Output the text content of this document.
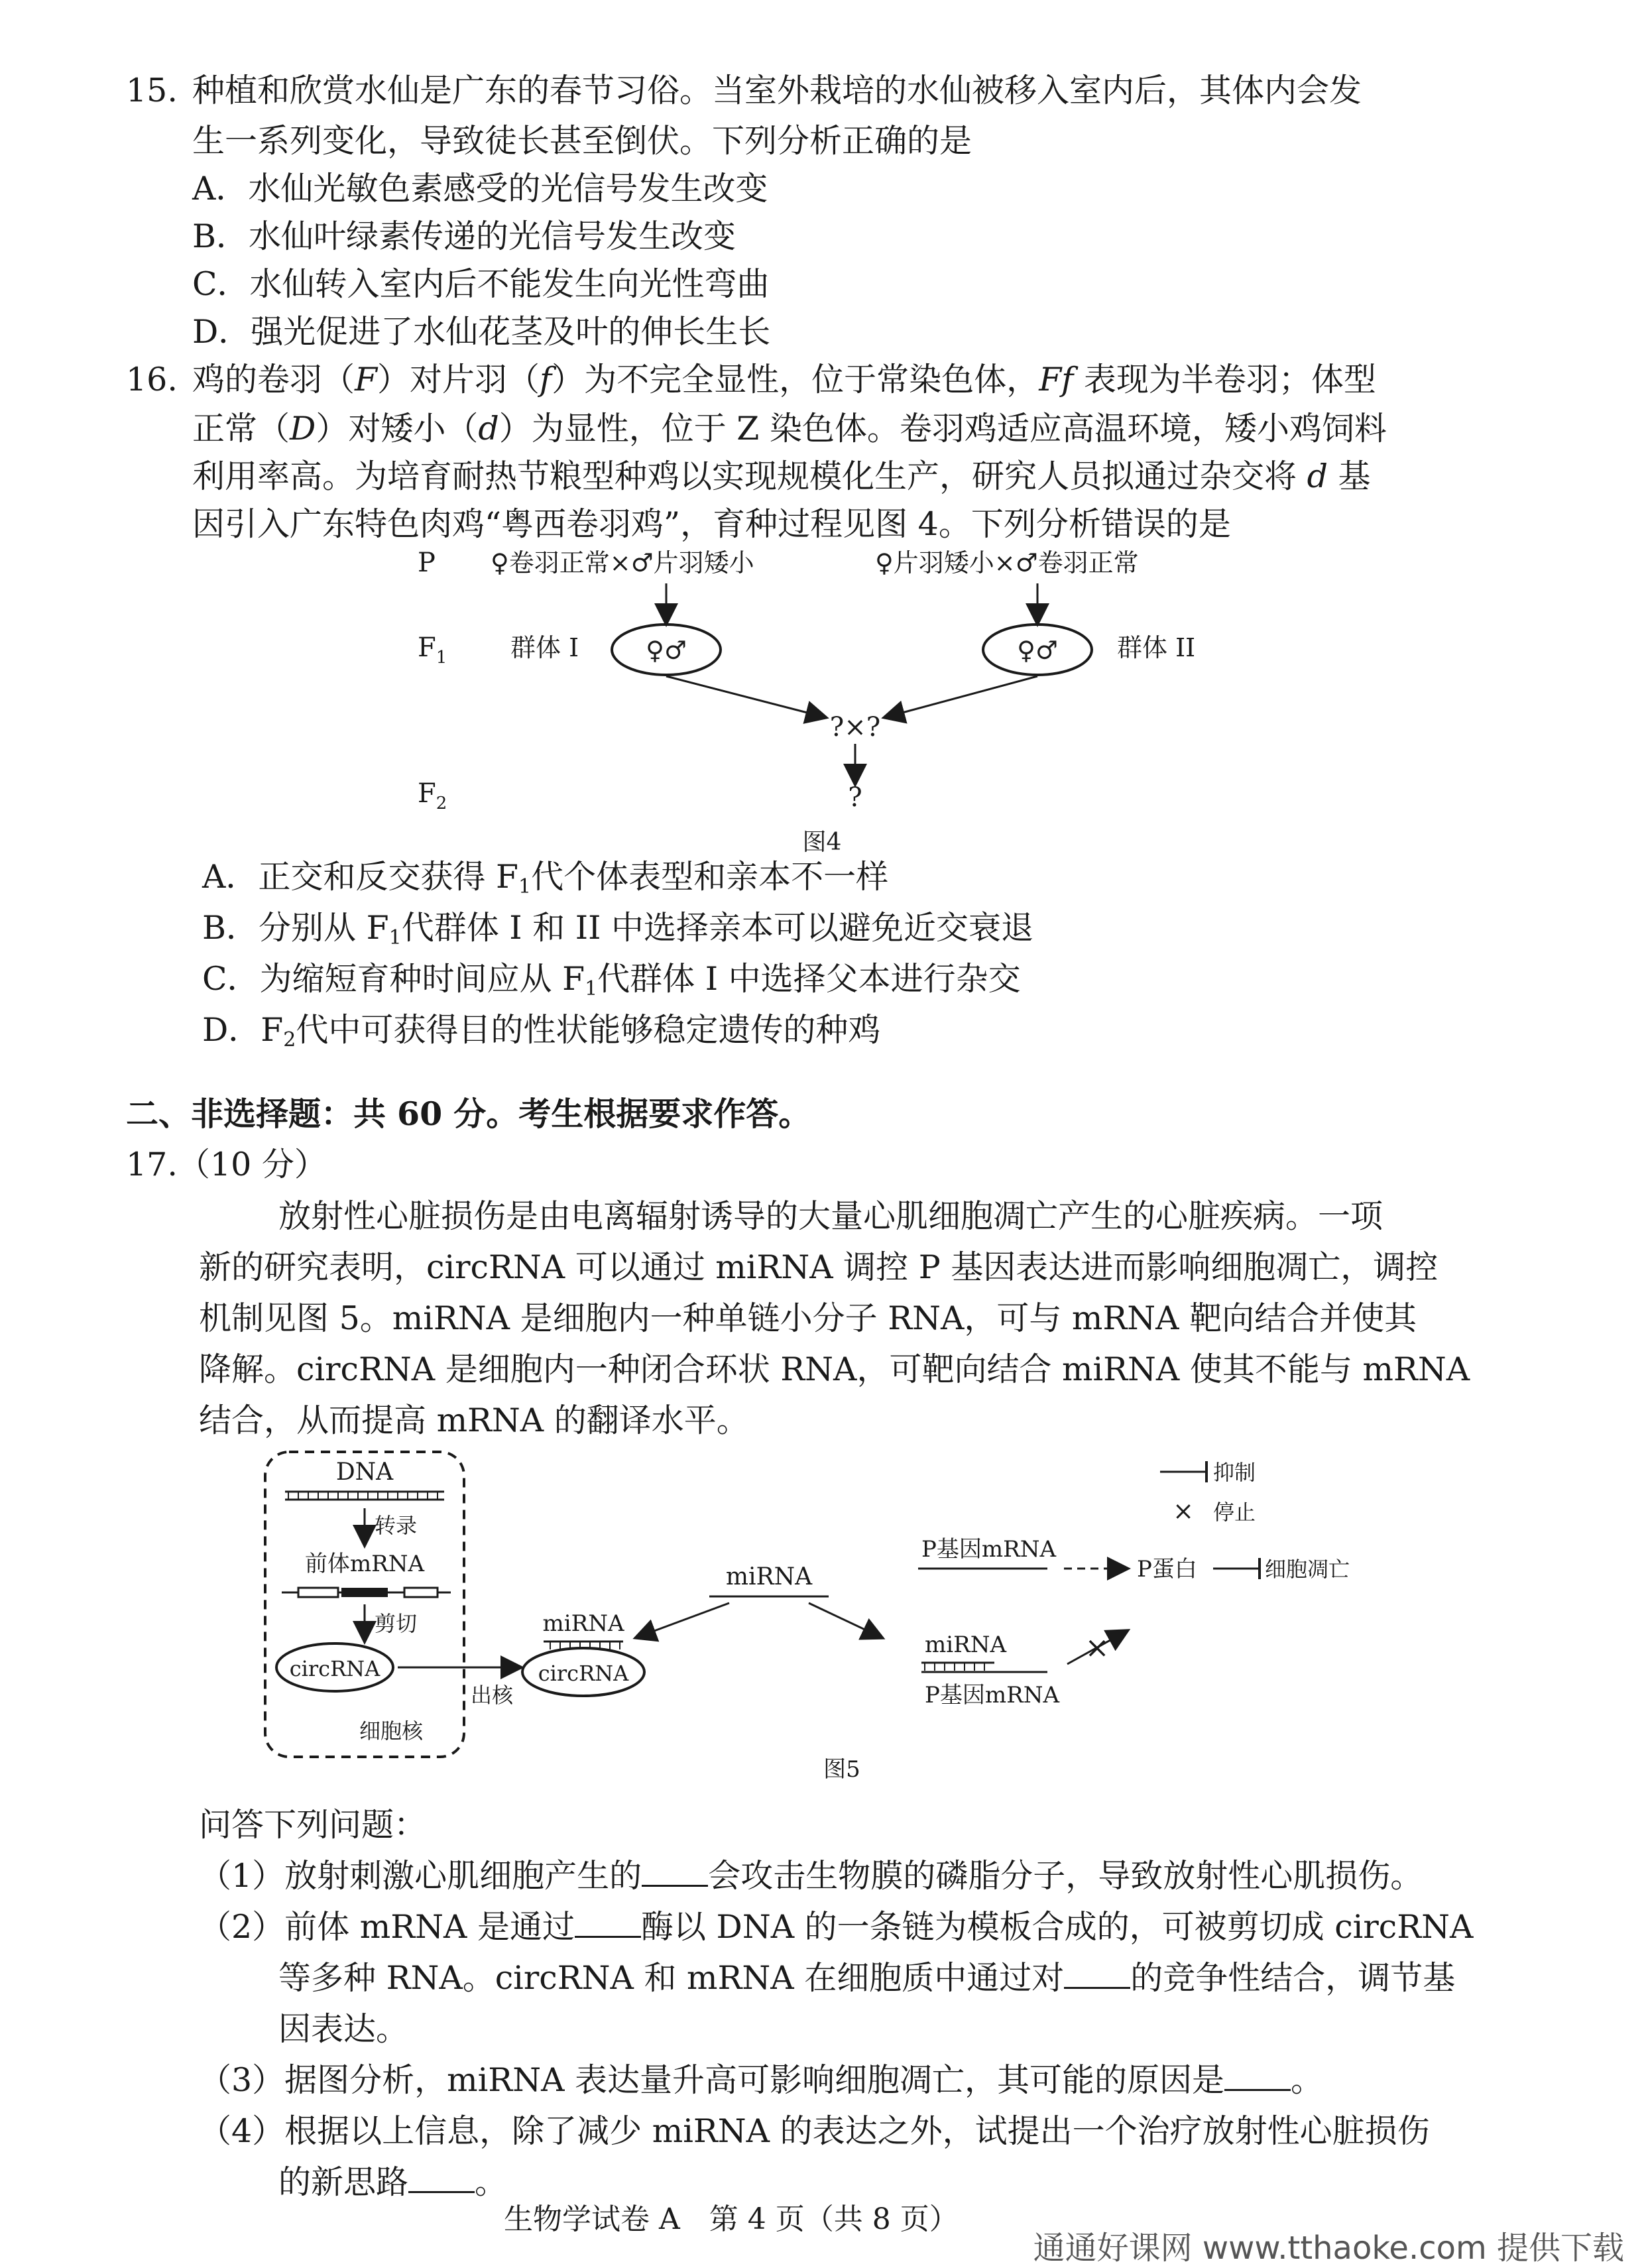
15. 种植和欣赏水仙是广东的春节习俗。当室外栽培的水仙被移入室内后，其体内会发
生一系列变化，导致徒长甚至倒伏。下列分析正确的是
A．水仙光敏色素感受的光信号发生改变
B．水仙叶绿素传递的光信号发生改变
C．水仙转入室内后不能发生向光性弯曲
D．强光促进了水仙花茎及叶的伸长生长
16. 鸡的卷羽（F）对片羽（f）为不完全显性，位于常染色体，Ff 表现为半卷羽；体型
正常（D）对矮小（d）为显性，位于 Z 染色体。卷羽鸡适应高温环境，矮小鸡饲料
利用率高。为培育耐热节粮型种鸡以实现规模化生产，研究人员拟通过杂交将 d 基
因引入广东特色肉鸡“粤西卷羽鸡”，育种过程见图 4。下列分析错误的是
P ♀卷羽正常×♂片羽矮小	♀片羽矮小×♂卷羽正常
$F_1$	群体 I	♀♂	♀♂ 群体 II
?×?
$F_2$	?
图4
A．正交和反交获得 $F_1$代个体表型和亲本不一样
B．分别从 $F_1$代群体 I 和 II 中选择亲本可以避免近交衰退
C．为缩短育种时间应从 $F_1$代群体 I 中选择父本进行杂交
D．$F_2$代中可获得目的性状能够稳定遗传的种鸡
二、非选择题：共 60 分。考生根据要求作答。
17.（10 分）
放射性心脏损伤是由电离辐射诱导的大量心肌细胞凋亡产生的心脏疾病。一项
新的研究表明，circRNA 可以通过 miRNA 调控 P 基因表达进而影响细胞凋亡，调控
机制见图 5。miRNA 是细胞内一种单链小分子 RNA，可与 mRNA 靶向结合并使其
降解。circRNA 是细胞内一种闭合环状 RNA，可靶向结合 miRNA 使其不能与 mRNA
结合，从而提高 mRNA 的翻译水平。
DNA
转录
前体mRNA
剪切
circRNA
细胞核
出核
miRNA
circRNA
miRNA
P基因mRNA
P蛋白	细胞凋亡
抑制
× 停止
miRNA
P基因mRNA
×
图5
问答下列问题：
（1）放射刺激心肌细胞产生的 会攻击生物膜的磷脂分子，导致放射性心肌损伤。
（2）前体 mRNA 是通过 酶以 DNA 的一条链为模板合成的，可被剪切成 circRNA
等多种 RNA。circRNA 和 mRNA 在细胞质中通过对 的竞争性结合，调节基
因表达。
（3）据图分析，miRNA 表达量升高可影响细胞凋亡，其可能的原因是 。
（4）根据以上信息，除了减少 miRNA 的表达之外，试提出一个治疗放射性心脏损伤
的新思路 。
生物学试卷 A　第 4 页（共 8 页）
通通好课网 www.tthaoke.com 提供下载
